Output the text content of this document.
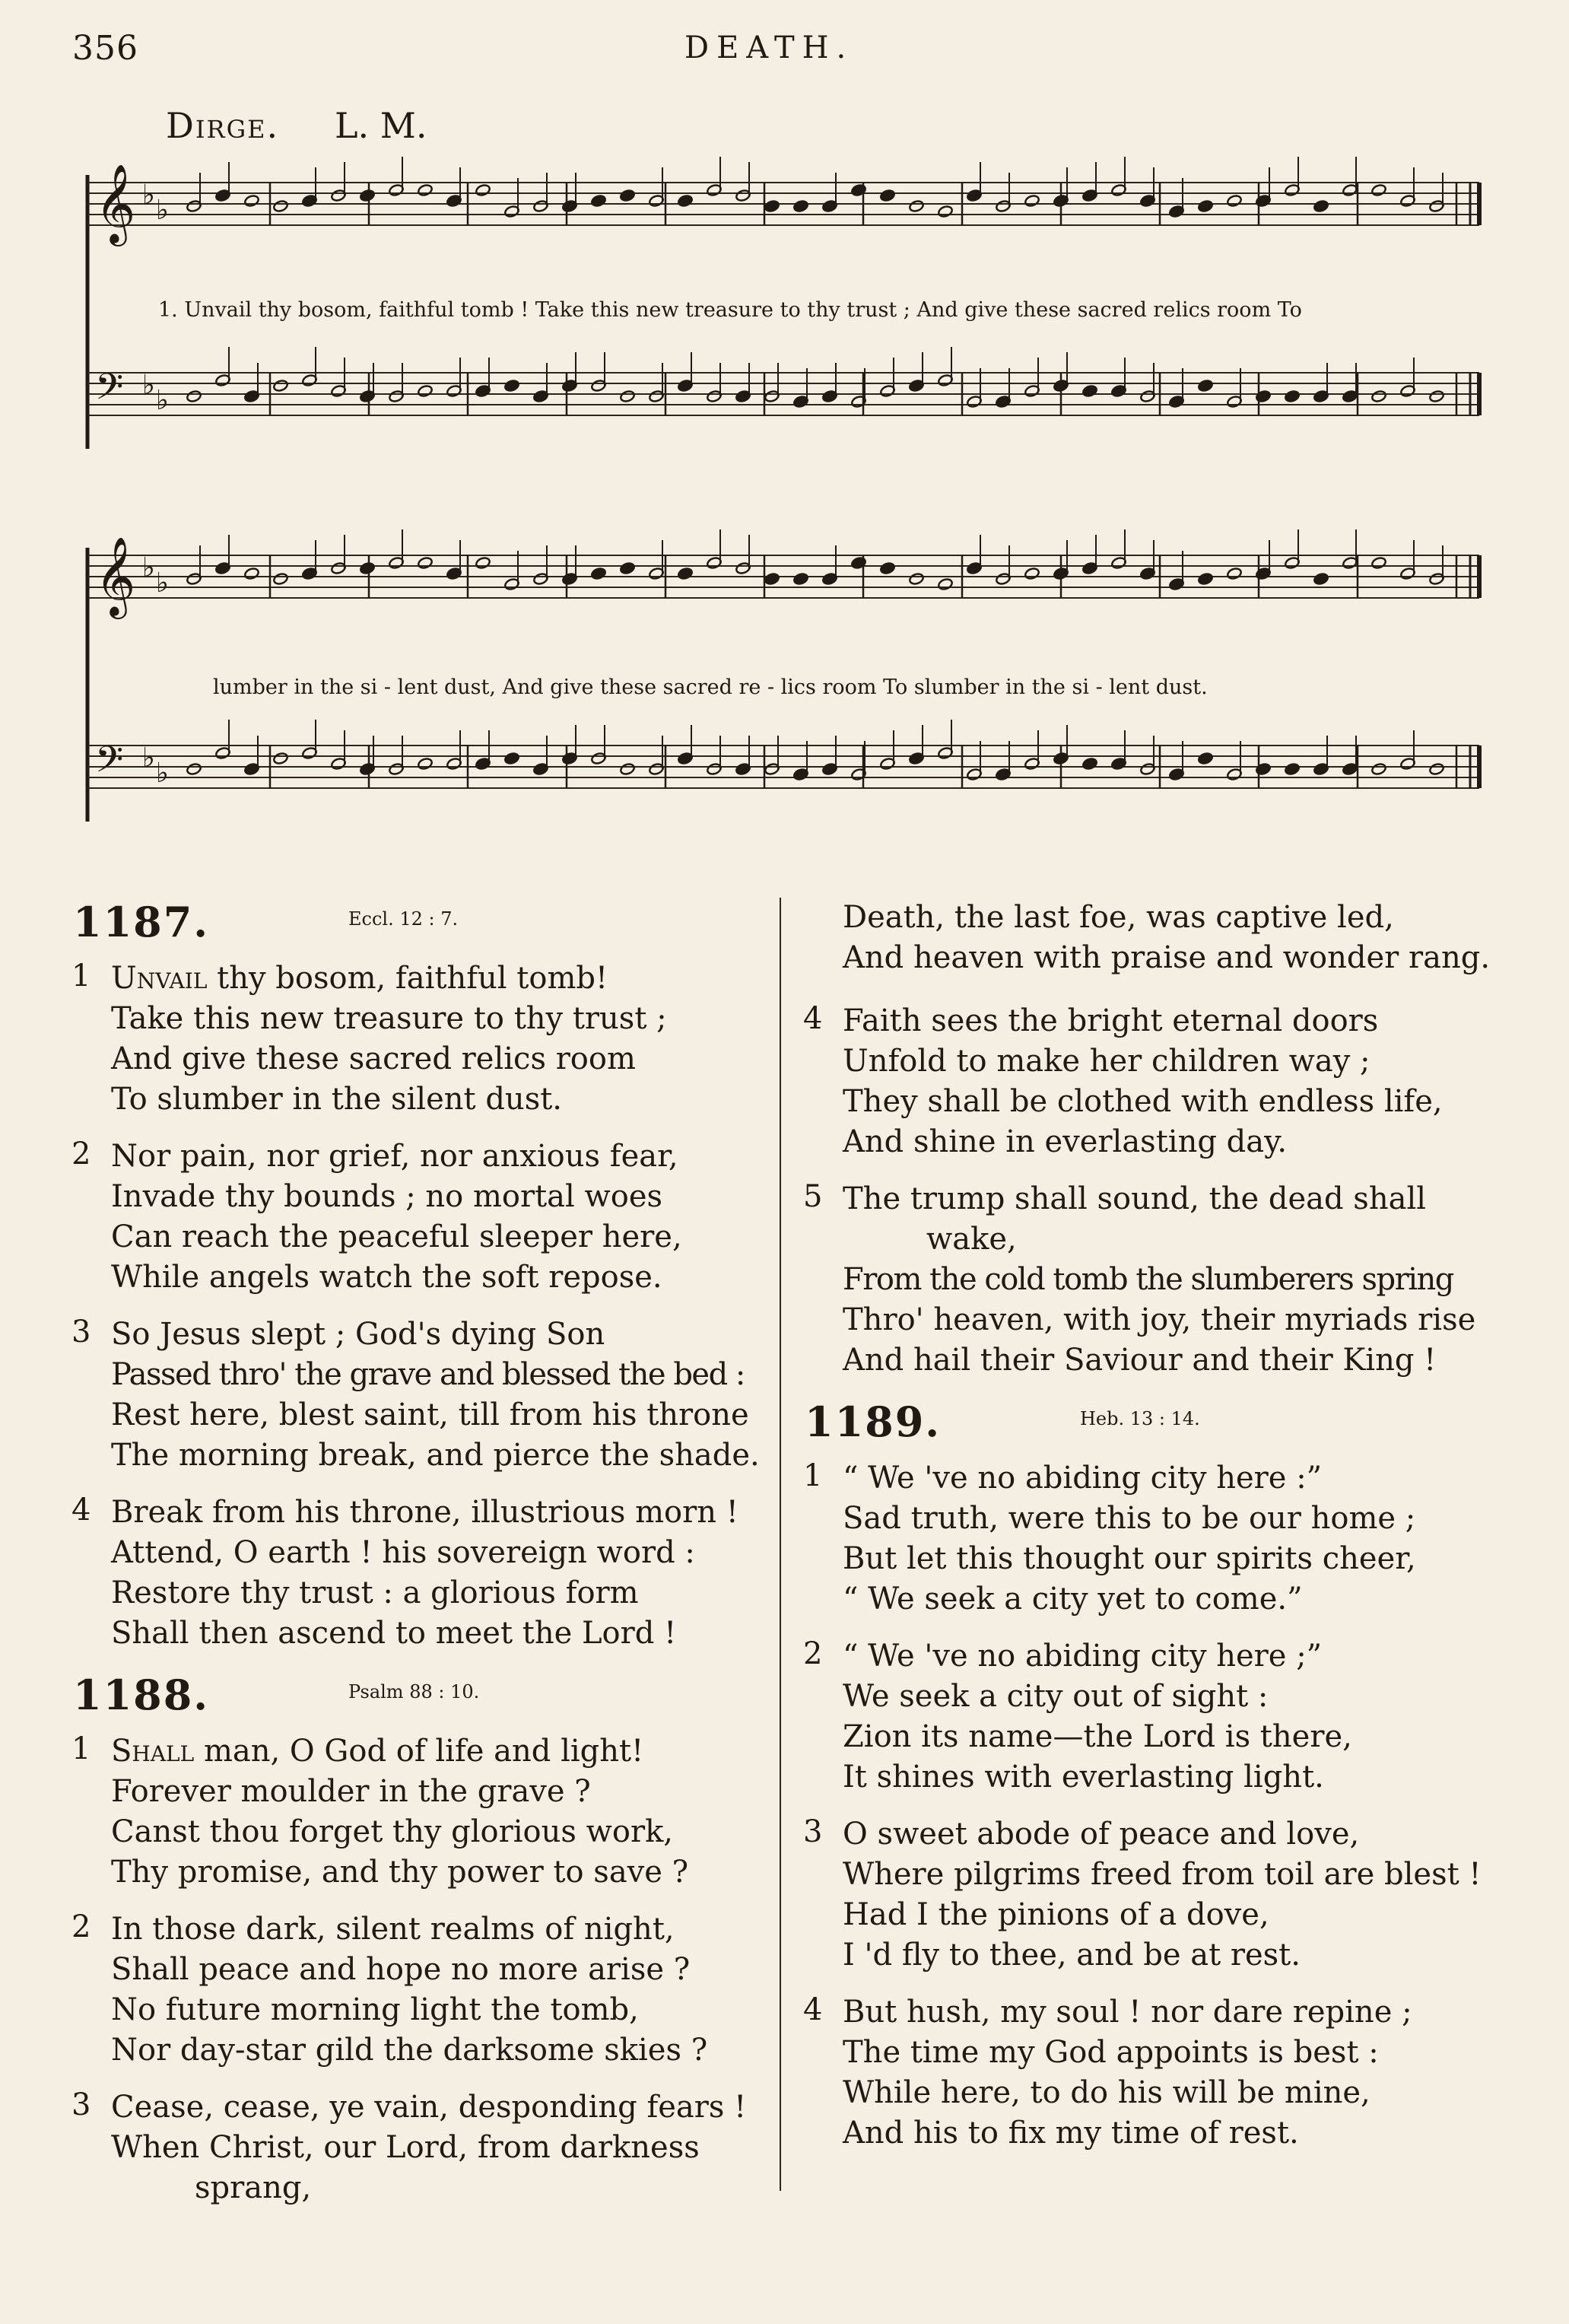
356	DEATH.
Dirge. L. M.
𝄞 ♭ ♭
𝄢 ♭ ♭
1. Unvail thy bosom, faithful tomb ! Take this new treasure to thy trust ; And give these sacred relics room To
𝄞 ♭ ♭
𝄢 ♭ ♭
lumber in the si - lent dust, And give these sacred re - lics room To slumber in the si - lent dust.
1187.	Eccl. 12 : 7.
1 Unvail thy bosom, faithful tomb!
Take this new treasure to thy trust ;
And give these sacred relics room
To slumber in the silent dust.
2 Nor pain, nor grief, nor anxious fear,
Invade thy bounds ; no mortal woes
Can reach the peaceful sleeper here,
While angels watch the soft repose.
3 So Jesus slept ; God's dying Son
Passed thro' the grave and blessed the bed :
Rest here, blest saint, till from his throne
The morning break, and pierce the shade.
4 Break from his throne, illustrious morn !
Attend, O earth ! his sovereign word :
Restore thy trust : a glorious form
Shall then ascend to meet the Lord !
1188.	Psalm 88 : 10.
1 Shall man, O God of life and light!
Forever moulder in the grave ?
Canst thou forget thy glorious work,
Thy promise, and thy power to save ?
2 In those dark, silent realms of night,
Shall peace and hope no more arise ?
No future morning light the tomb,
Nor day-star gild the darksome skies ?
3 Cease, cease, ye vain, desponding fears !
When Christ, our Lord, from darkness
sprang,
Death, the last foe, was captive led,
And heaven with praise and wonder rang.
4 Faith sees the bright eternal doors
Unfold to make her children way ;
They shall be clothed with endless life,
And shine in everlasting day.
5 The trump shall sound, the dead shall
wake,
From the cold tomb the slumberers spring
Thro' heaven, with joy, their myriads rise
And hail their Saviour and their King !
1189.	Heb. 13 : 14.
1 “ We 've no abiding city here :”
Sad truth, were this to be our home ;
But let this thought our spirits cheer,
“ We seek a city yet to come.”
2 “ We 've no abiding city here ;”
We seek a city out of sight :
Zion its name—the Lord is there,
It shines with everlasting light.
3 O sweet abode of peace and love,
Where pilgrims freed from toil are blest !
Had I the pinions of a dove,
I 'd fly to thee, and be at rest.
4 But hush, my soul ! nor dare repine ;
The time my God appoints is best :
While here, to do his will be mine,
And his to fix my time of rest.
